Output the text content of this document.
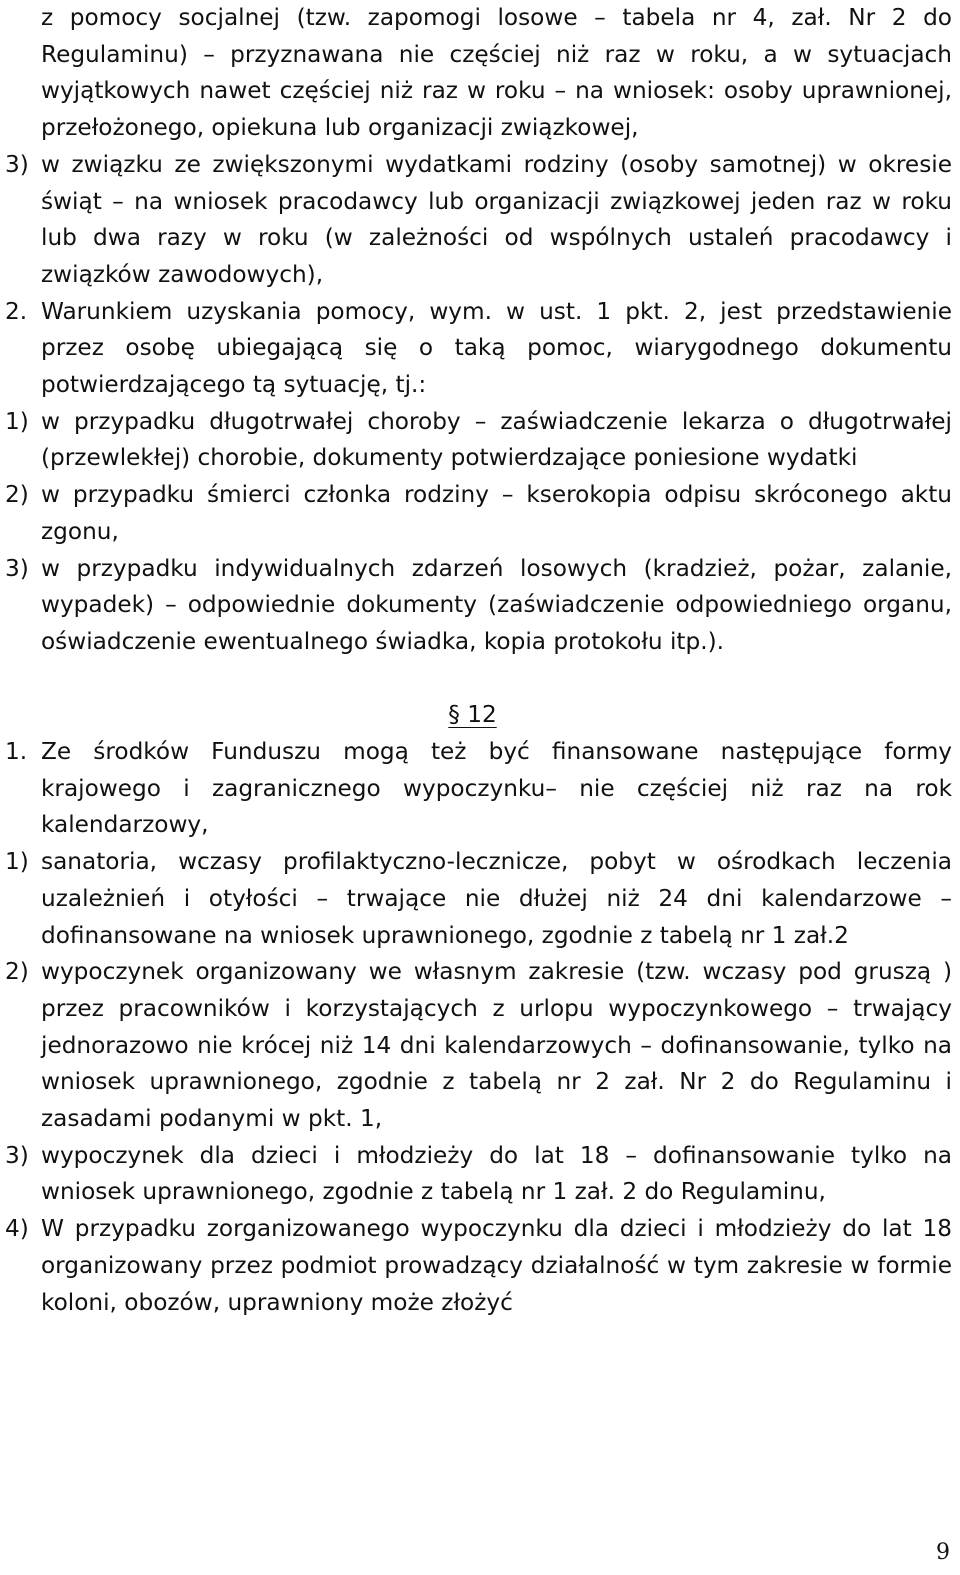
z pomocy socjalnej (tzw. zapomogi losowe – tabela nr 4, zał. Nr 2 do Regulaminu) – przyznawana nie częściej niż raz w roku, a w sytuacjach wyjątkowych nawet częściej niż raz w roku – na wniosek: osoby uprawnionej, przełożonego, opiekuna lub organizacji związkowej,
3) w związku ze zwiększonymi wydatkami rodziny (osoby samotnej) w okresie świąt – na wniosek pracodawcy lub organizacji związkowej jeden raz w roku lub dwa razy w roku (w zależności od wspólnych ustaleń pracodawcy i związków zawodowych),
2. Warunkiem uzyskania pomocy, wym. w ust. 1 pkt. 2, jest przedstawienie przez osobę ubiegającą się o taką pomoc, wiarygodnego dokumentu potwierdzającego tą sytuację, tj.:
1) w przypadku długotrwałej choroby – zaświadczenie lekarza o długotrwałej (przewlekłej) chorobie, dokumenty potwierdzające poniesione wydatki
2) w przypadku śmierci członka rodziny – kserokopia odpisu skróconego aktu zgonu,
3) w przypadku indywidualnych zdarzeń losowych (kradzież, pożar, zalanie, wypadek) – odpowiednie dokumenty (zaświadczenie odpowiedniego organu, oświadczenie ewentualnego świadka, kopia protokołu itp.).
§ 12
1. Ze środków Funduszu mogą też być finansowane następujące formy krajowego i zagranicznego wypoczynku– nie częściej niż raz na rok kalendarzowy,
1) sanatoria, wczasy profilaktyczno-lecznicze, pobyt w ośrodkach leczenia uzależnień i otyłości – trwające nie dłużej niż 24 dni kalendarzowe – dofinansowane na wniosek uprawnionego, zgodnie z tabelą nr 1 zał.2
2) wypoczynek organizowany we własnym zakresie (tzw. wczasy pod gruszą ) przez pracowników i korzystających z urlopu wypoczynkowego – trwający jednorazowo nie krócej niż 14 dni kalendarzowych – dofinansowanie, tylko na wniosek uprawnionego, zgodnie z tabelą nr 2 zał. Nr 2 do Regulaminu i zasadami podanymi w pkt. 1,
3) wypoczynek dla dzieci i młodzieży do lat 18 – dofinansowanie tylko na wniosek uprawnionego, zgodnie z tabelą nr 1 zał. 2 do Regulaminu,
4) W przypadku zorganizowanego wypoczynku dla dzieci i młodzieży do lat 18 organizowany przez podmiot prowadzący działalność w tym zakresie w formie koloni, obozów, uprawniony może złożyć
9
